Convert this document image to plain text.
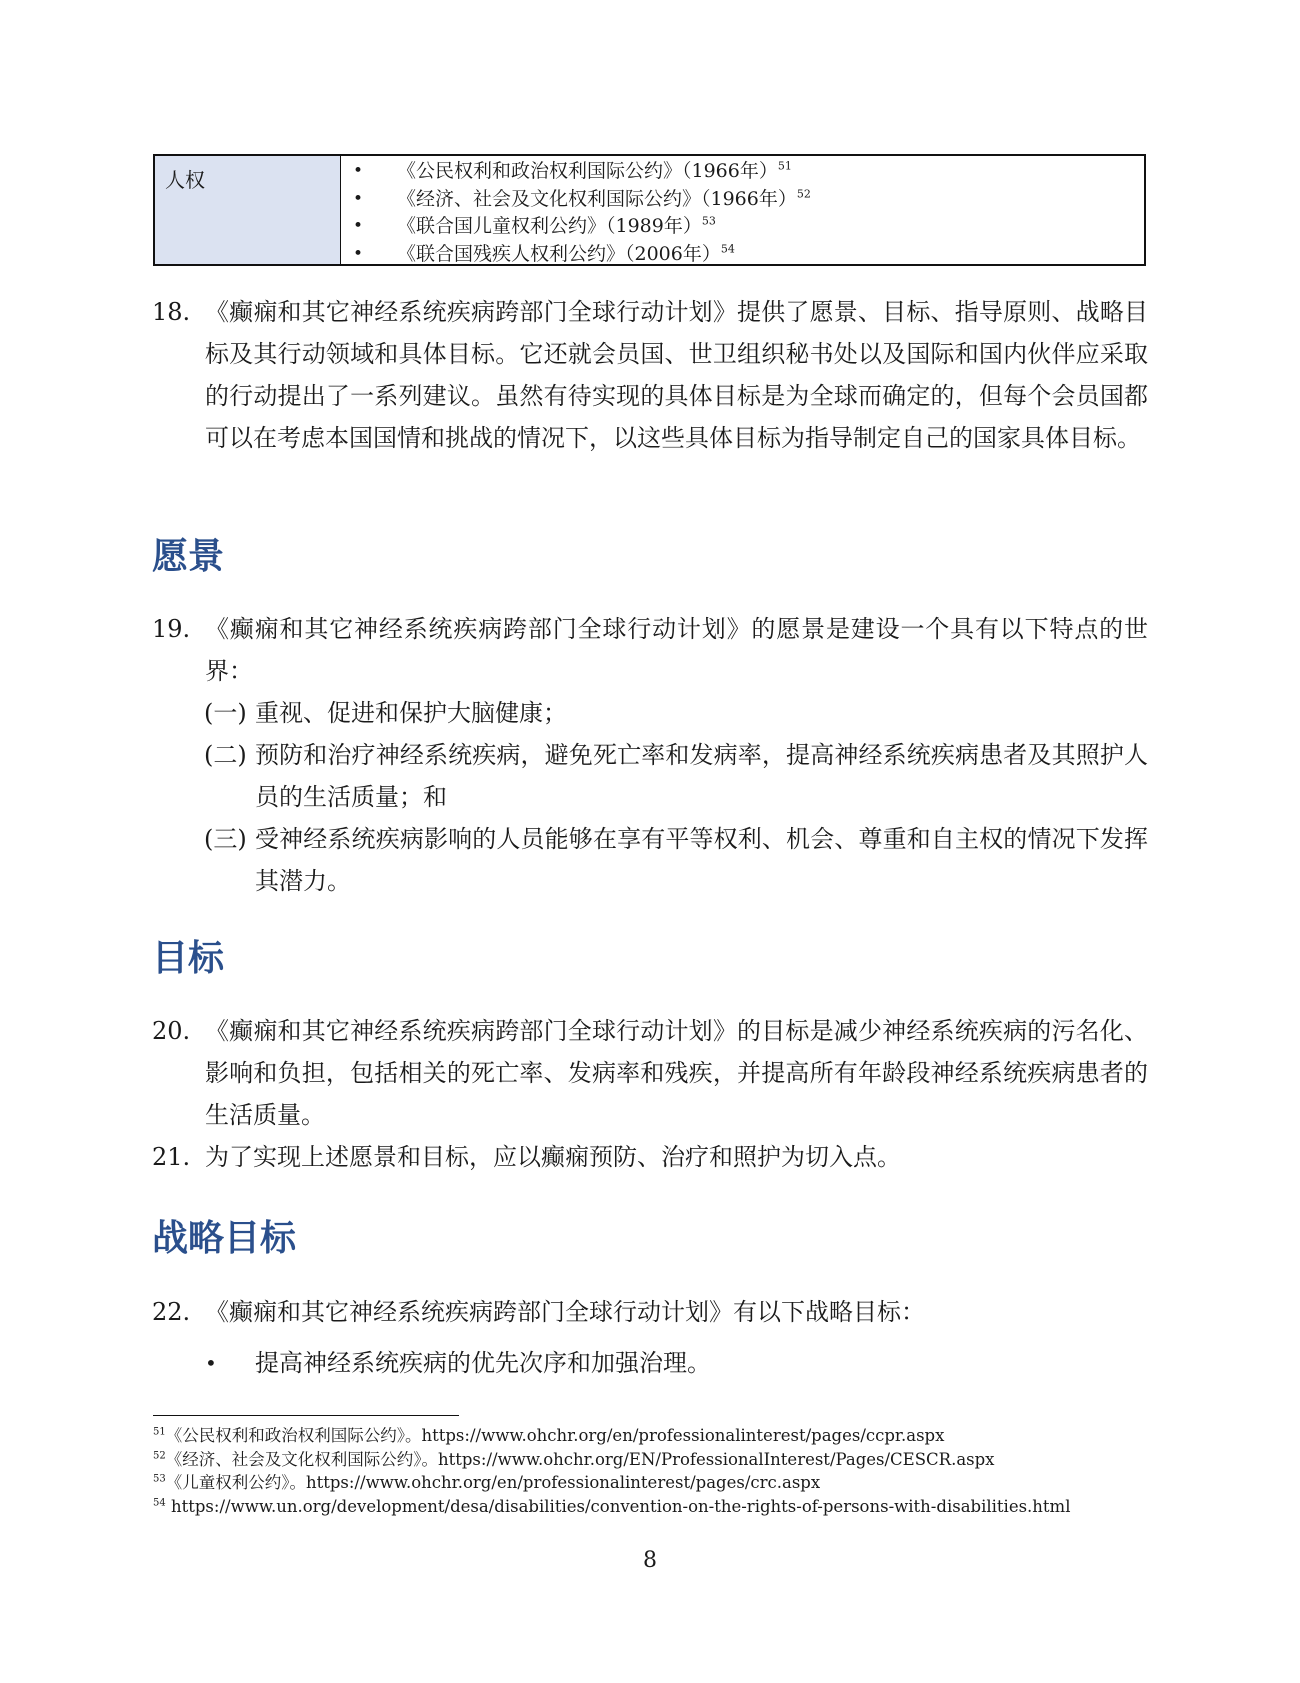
人权
•	《公民权利和政治权利国际公约》（1966年）$^{51}$
• 《经济、社会及文化权利国际公约》（1966年）$^{52}$
• 《联合国儿童权利公约》（1989年）$^{53}$
• 《联合国残疾人权利公约》（2006年）$^{54}$
18. 《癫痫和其它神经系统疾病跨部门全球行动计划》提供了愿景、目标、指导原则、战略目标及其行动领域和具体目标。它还就会员国、世卫组织秘书处以及国际和国内伙伴应采取的行动提出了一系列建议。虽然有待实现的具体目标是为全球而确定的，但每个会员国都可以在考虑本国国情和挑战的情况下，以这些具体目标为指导制定自己的国家具体目标。
愿景
19. 《癫痫和其它神经系统疾病跨部门全球行动计划》的愿景是建设一个具有以下特点的世界：
(一) 重视、促进和保护大脑健康；
(二) 预防和治疗神经系统疾病，避免死亡率和发病率，提高神经系统疾病患者及其照护人员的生活质量；和
(三) 受神经系统疾病影响的人员能够在享有平等权利、机会、尊重和自主权的情况下发挥其潜力。
目标
20. 《癫痫和其它神经系统疾病跨部门全球行动计划》的目标是减少神经系统疾病的污名化、影响和负担，包括相关的死亡率、发病率和残疾，并提高所有年龄段神经系统疾病患者的生活质量。
21. 为了实现上述愿景和目标，应以癫痫预防、治疗和照护为切入点。
战略目标
22. 《癫痫和其它神经系统疾病跨部门全球行动计划》有以下战略目标：
• 提高神经系统疾病的优先次序和加强治理。
$^{51}$《公民权利和政治权利国际公约》。https://www.ohchr.org/en/professionalinterest/pages/ccpr.aspx
$^{52}$《经济、社会及文化权利国际公约》。https://www.ohchr.org/EN/ProfessionalInterest/Pages/CESCR.aspx
$^{53}$《儿童权利公约》。https://www.ohchr.org/en/professionalinterest/pages/crc.aspx
$^{54}$ https://www.un.org/development/desa/disabilities/convention-on-the-rights-of-persons-with-disabilities.html
8
